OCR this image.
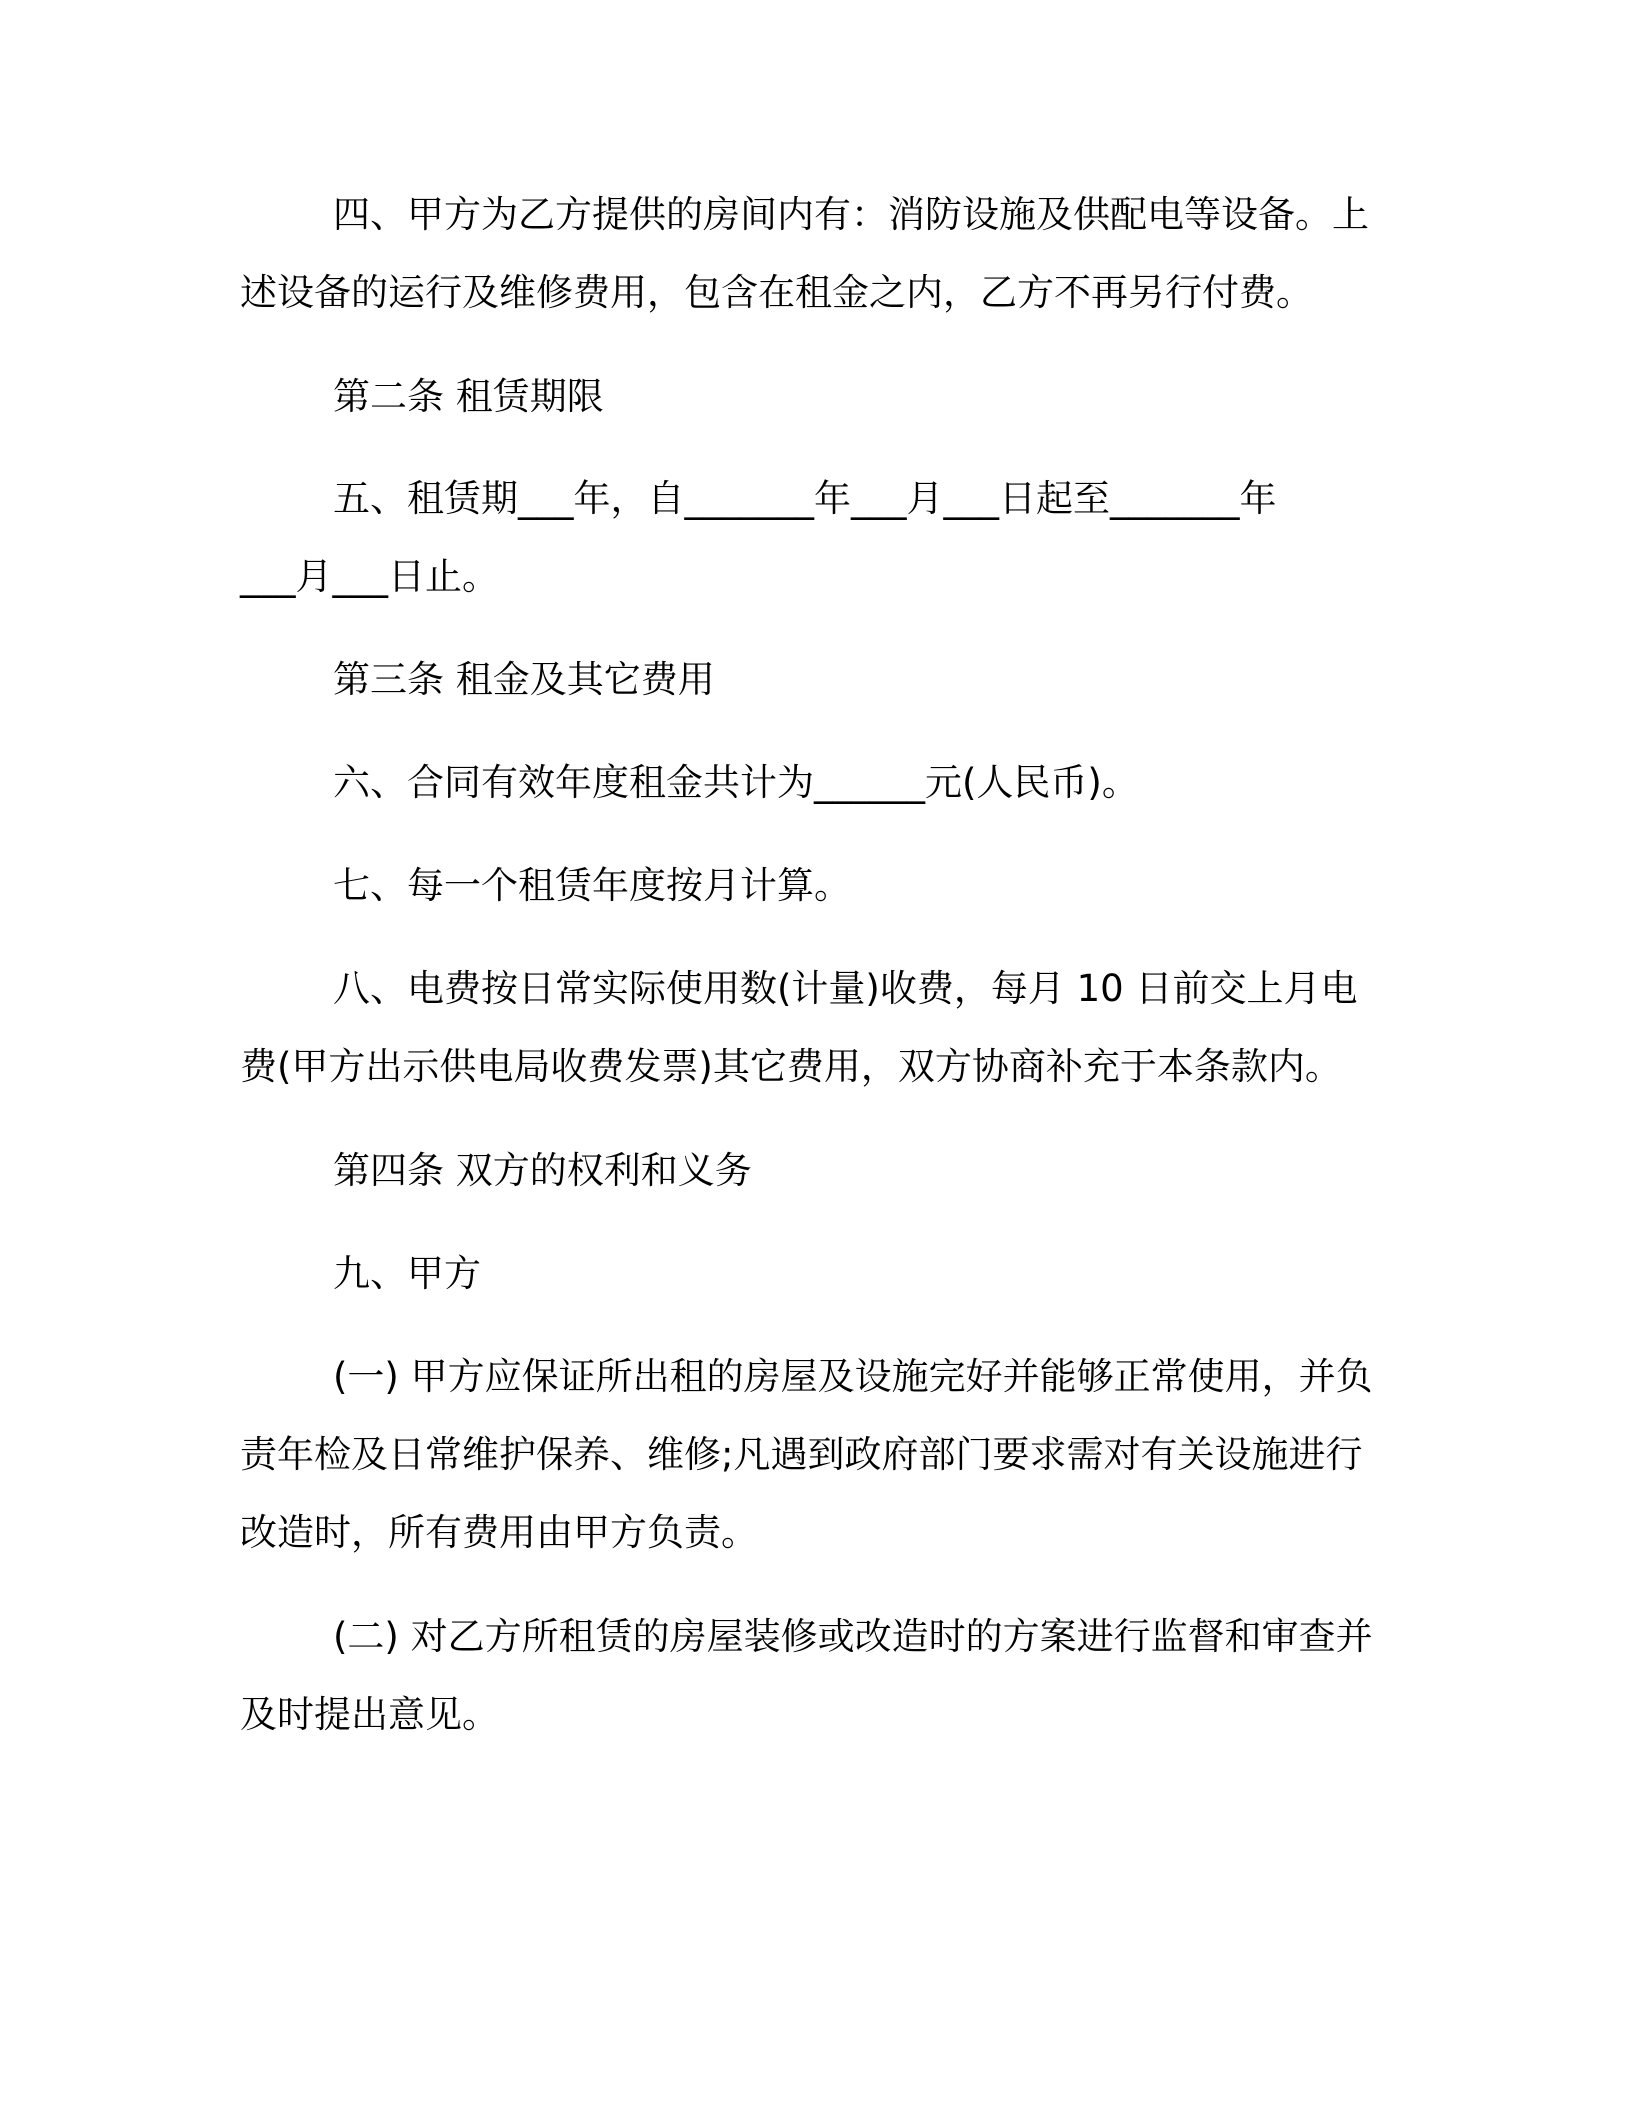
四、甲方为乙方提供的房间内有：消防设施及供配电等设备。上
述设备的运行及维修费用，包含在租金之内，乙方不再另行付费。
第二条 租赁期限
五、租赁期___年，自_______年___月___日起至_______年
___月___日止。
第三条 租金及其它费用
六、合同有效年度租金共计为______元(人民币)。
七、每一个租赁年度按月计算。
八、电费按日常实际使用数(计量)收费，每月 10 日前交上月电
费(甲方出示供电局收费发票)其它费用，双方协商补充于本条款内。
第四条 双方的权利和义务
九、甲方
(一) 甲方应保证所出租的房屋及设施完好并能够正常使用，并负
责年检及日常维护保养、维修;凡遇到政府部门要求需对有关设施进行
改造时，所有费用由甲方负责。
(二) 对乙方所租赁的房屋装修或改造时的方案进行监督和审查并
及时提出意见。
